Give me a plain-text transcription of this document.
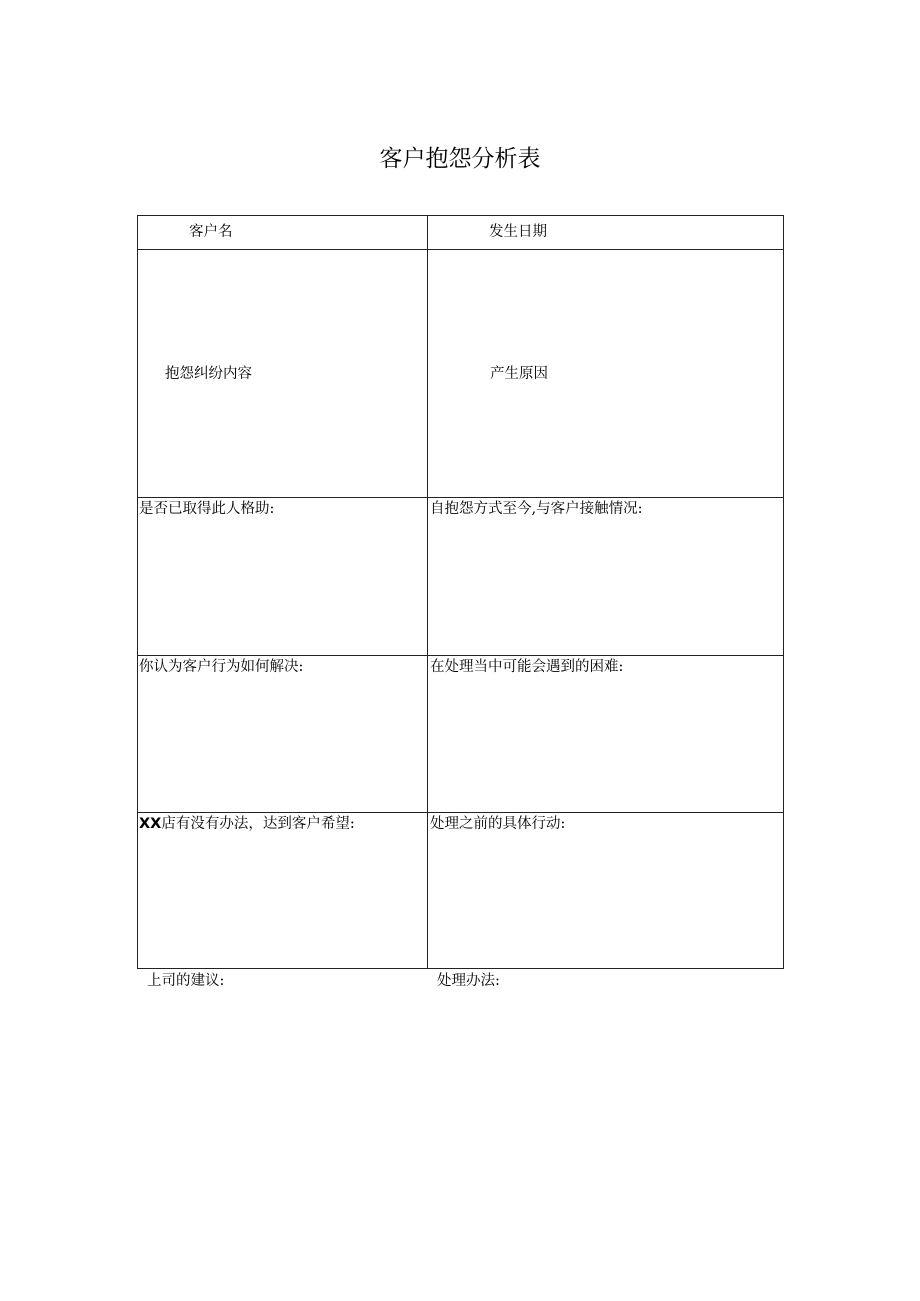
客户抱怨分析表
客户名	发生日期
抱怨纠纷内容	产生原因
是否已取得此人格助:	自抱怨方式至今,与客户接触情况:
你认为客户行为如何解决:	在处理当中可能会遇到的困难:
XX店有没有办法，达到客户希望:	处理之前的具体行动:
上司的建议:	处理办法:
